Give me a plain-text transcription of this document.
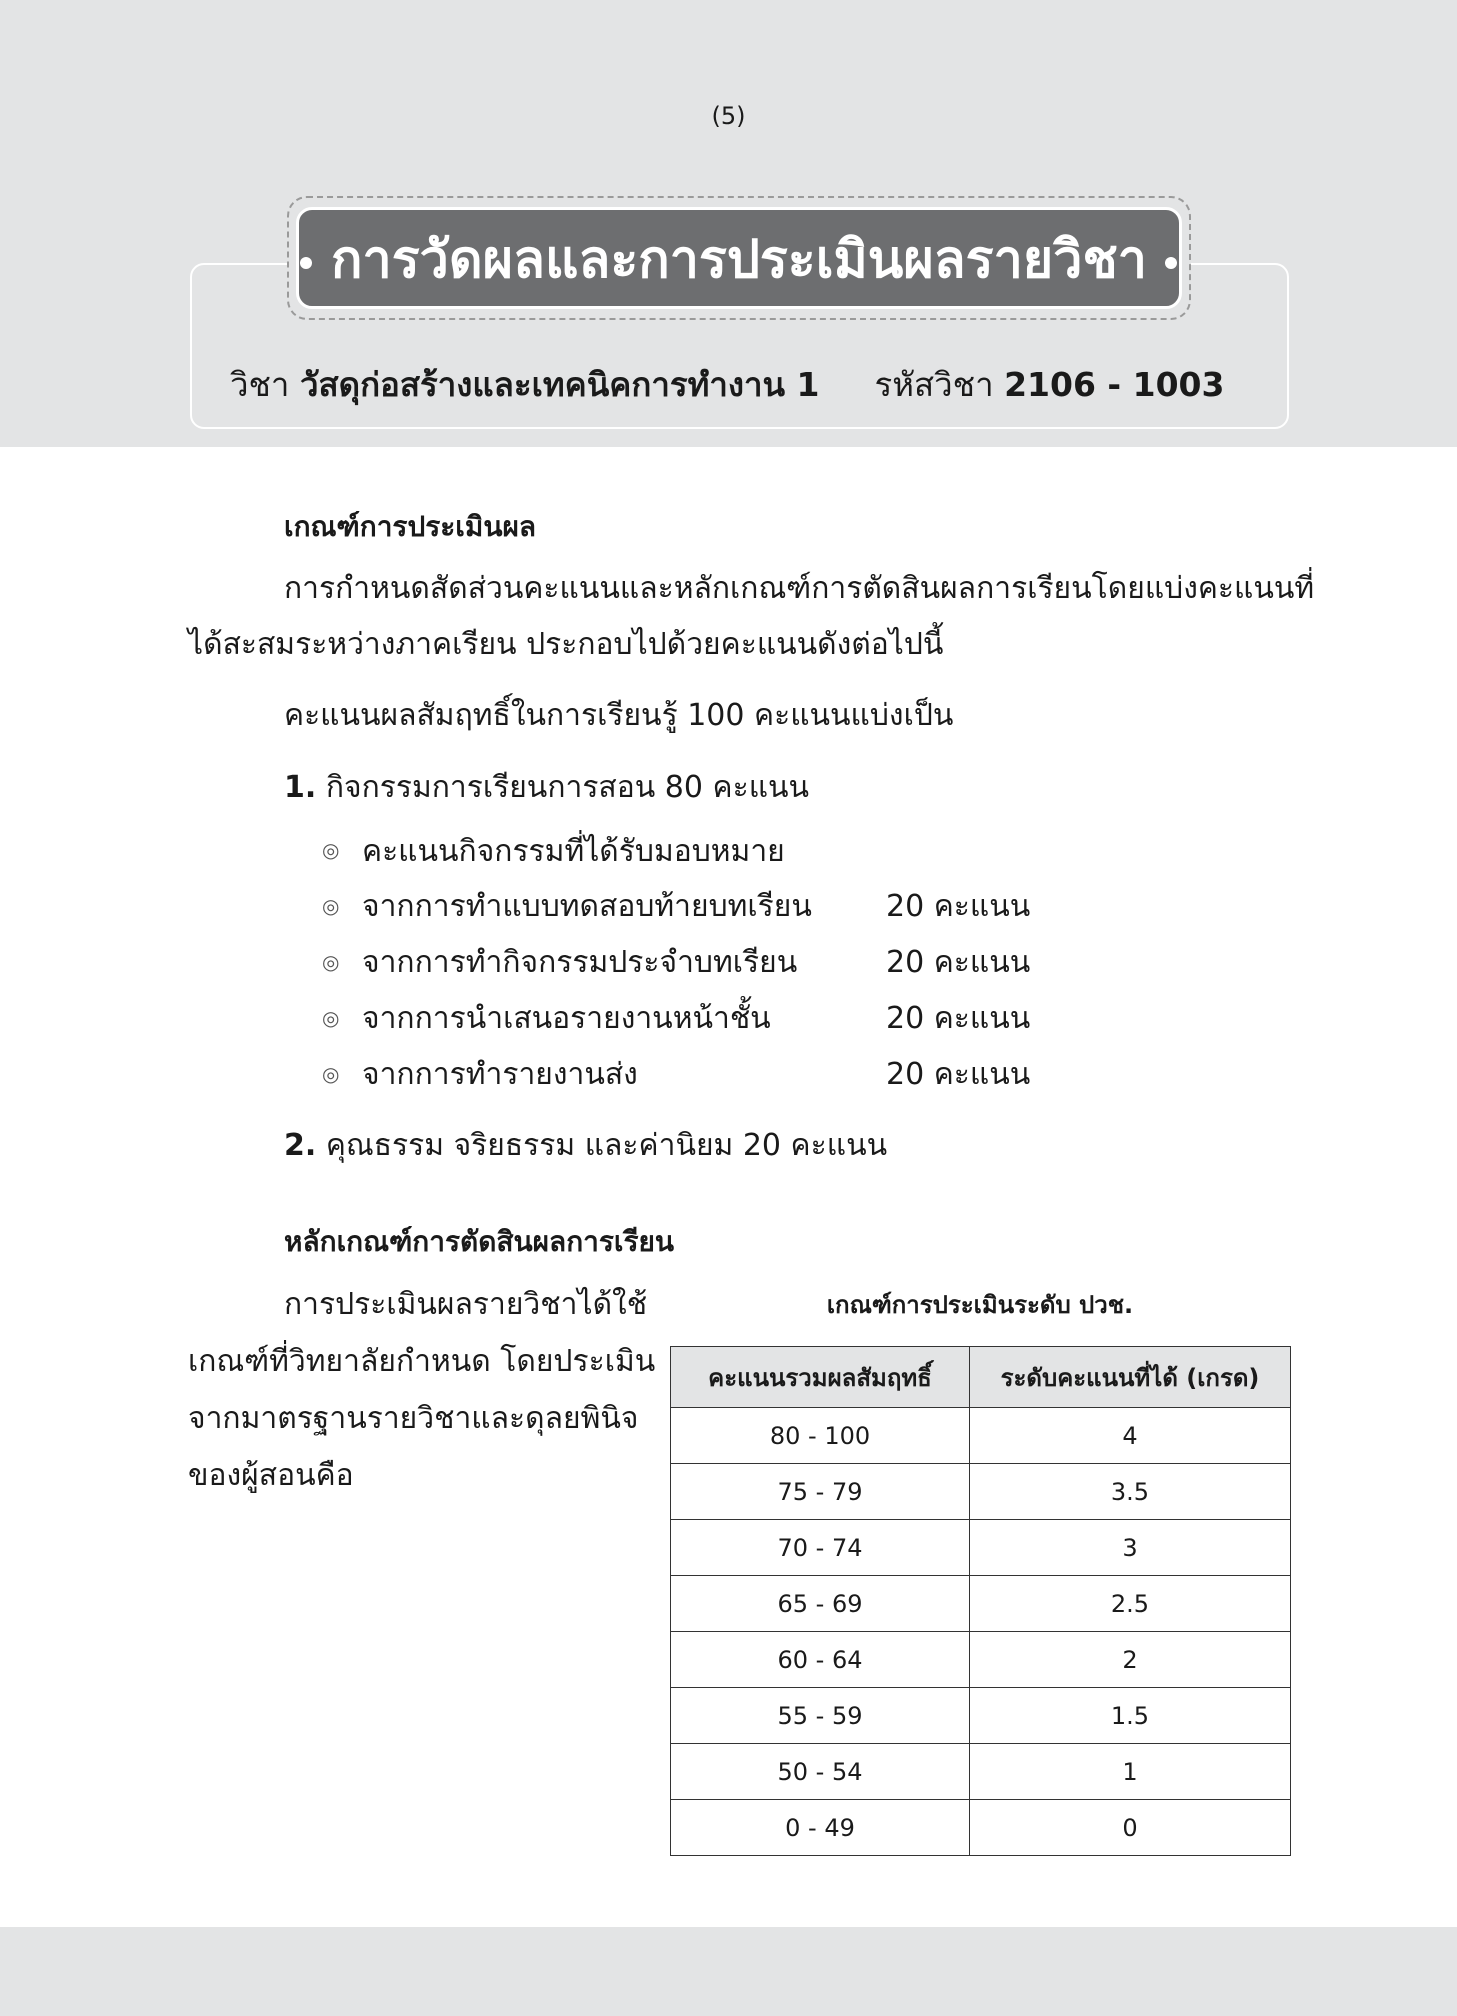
(5)
การวัดผลและการประเมินผลรายวิชา
วิชา วัสดุก่อสร้างและเทคนิคการทำงาน 1 รหัสวิชา 2106 - 1003
เกณฑ์การประเมินผล
การกำหนดสัดส่วนคะแนนและหลักเกณฑ์การตัดสินผลการเรียนโดยแบ่งคะแนนที่
ได้สะสมระหว่างภาคเรียน ประกอบไปด้วยคะแนนดังต่อไปนี้
คะแนนผลสัมฤทธิ์ในการเรียนรู้ 100 คะแนนแบ่งเป็น
1. กิจกรรมการเรียนการสอน 80 คะแนน
◎ คะแนนกิจกรรมที่ได้รับมอบหมาย
◎ จากการทำแบบทดสอบท้ายบทเรียน 20 คะแนน
◎ จากการทำกิจกรรมประจำบทเรียน	20 คะแนน
◎ จากการนำเสนอรายงานหน้าชั้น	20 คะแนน
◎ จากการทำรายงานส่ง	20 คะแนน
2. คุณธรรม จริยธรรม และค่านิยม 20 คะแนน
หลักเกณฑ์การตัดสินผลการเรียน
การประเมินผลรายวิชาได้ใช้
เกณฑ์ที่วิทยาลัยกำหนด โดยประเมิน
จากมาตรฐานรายวิชาและดุลยพินิจ
ของผู้สอนคือ
เกณฑ์การประเมินระดับ ปวช.
คะแนนรวมผลสัมฤทธิ์	ระดับคะแนนที่ได้ (เกรด)
80 - 100	4
75 - 79	3.5
70 - 74	3
65 - 69	2.5
60 - 64	2
55 - 59	1.5
50 - 54	1
0 - 49	0
